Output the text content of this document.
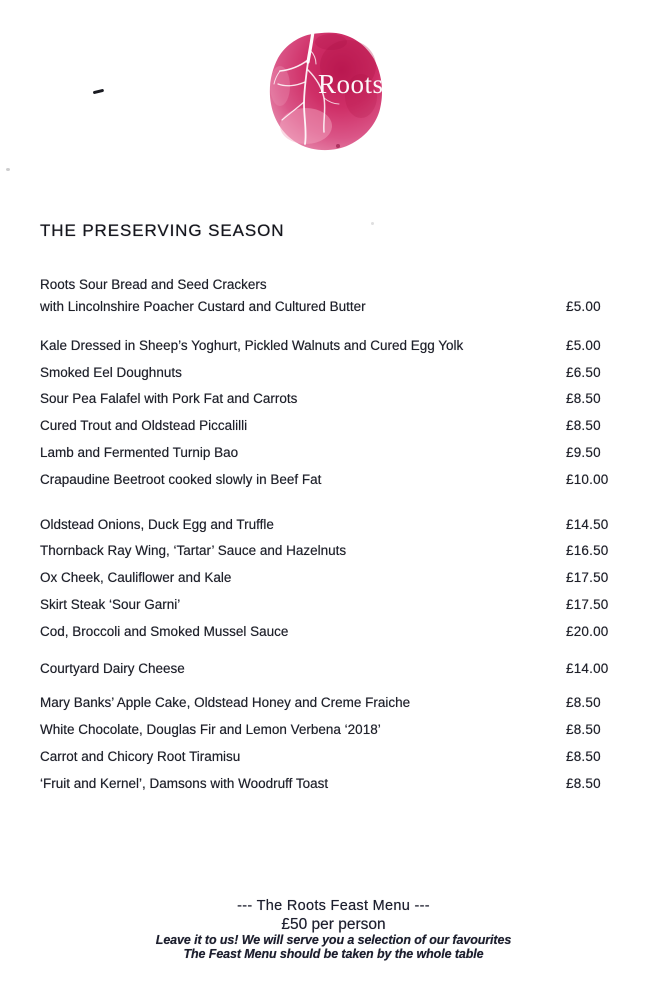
Roots
THE PRESERVING SEASON
Roots Sour Bread and Seed Crackers
with Lincolnshire Poacher Custard and Cultured Butter	£5.00
Kale Dressed in Sheep’s Yoghurt, Pickled Walnuts and Cured Egg Yolk	£5.00
Smoked Eel Doughnuts	£6.50
Sour Pea Falafel with Pork Fat and Carrots	£8.50
Cured Trout and Oldstead Piccalilli	£8.50
Lamb and Fermented Turnip Bao	£9.50
Crapaudine Beetroot cooked slowly in Beef Fat	£10.00
Oldstead Onions, Duck Egg and Truffle	£14.50
Thornback Ray Wing, ‘Tartar’ Sauce and Hazelnuts	£16.50
Ox Cheek, Cauliflower and Kale	£17.50
Skirt Steak ‘Sour Garni’	£17.50
Cod, Broccoli and Smoked Mussel Sauce	£20.00
Courtyard Dairy Cheese	£14.00
Mary Banks’ Apple Cake, Oldstead Honey and Creme Fraiche	£8.50
White Chocolate, Douglas Fir and Lemon Verbena ‘2018’	£8.50
Carrot and Chicory Root Tiramisu	£8.50
‘Fruit and Kernel’, Damsons with Woodruff Toast	£8.50
--- The Roots Feast Menu ---
£50 per person
Leave it to us! We will serve you a selection of our favourites
The Feast Menu should be taken by the whole table
